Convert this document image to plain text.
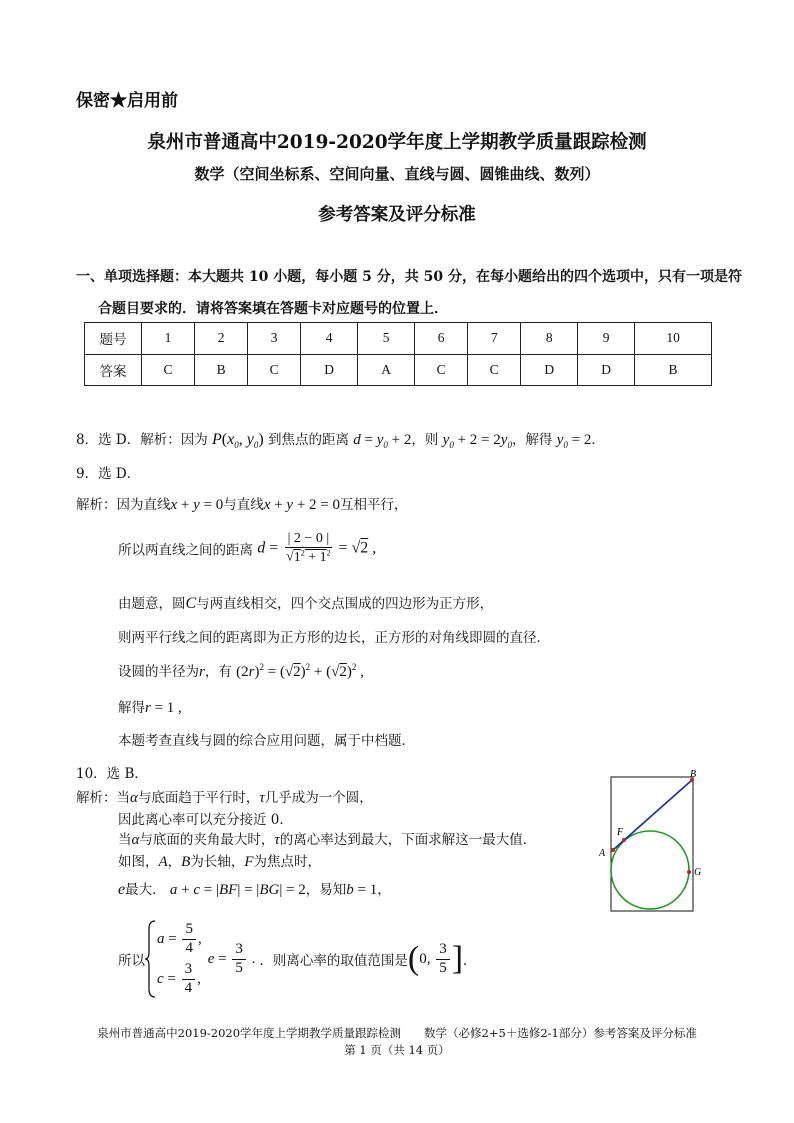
保密★启用前
泉州市普通高中2019-2020学年度上学期教学质量跟踪检测
数学（空间坐标系、空间向量、直线与圆、圆锥曲线、数列）
参考答案及评分标准
一、单项选择题：本大题共 10 小题，每小题 5 分，共 50 分，在每小题给出的四个选项中，只有一项是符
合题目要求的．请将答案填在答题卡对应题号的位置上．
题号	1	2	3	4	5	6	7	8	9	10
答案	C	B	C	D	A	C	C	D	D	B
8．选 D．解析：因为 $P(x_0$, $y_0$) 到焦点的距离 $d = y_0 + 2$，则 $y_0 + 2 = 2y_0$，解得 $y_0 = 2$．
9．选 D．
解析：因为直线x + y = 0与直线x + y + 2 = 0互相平行，
所以两直线之间的距离 $d = \frac{| 2 - 0 |}{√1^2 + 1^2} = √2$ ,
由题意，圆C与两直线相交，四个交点围成的四边形为正方形，
则两平行线之间的距离即为正方形的边长，正方形的对角线即圆的直径．
设圆的半径为r，有 $(2r)^2 = (√2)^2 + (√2)^2$ ,
解得r = 1 ,
本题考查直线与圆的综合应用问题，属于中档题．
10．选 B．
解析：当α与底面趋于平行时，τ几乎成为一个圆，
因此离心率可以充分接近 0．
当α与底面的夹角最大时，τ的离心率达到最大，下面求解这一最大值．
如图，A，B为长轴，F为焦点时，
e最大． a + c = |BF| = |BG| = 2，易知b = 1，
所以
$a = \frac{5}{4}$ ,
$c = \frac{3}{4}$ ,
$e = \frac{3}{5}$ . ．则离心率的取值范围是 ( 0, $\frac{3}{5}$ ] ．
B
F
A
G
泉州市普通高中2019-2020学年度上学期教学质量跟踪检测　　数学（必修2+5＋选修2-1部分）参考答案及评分标准
第 1 页（共 14 页）
